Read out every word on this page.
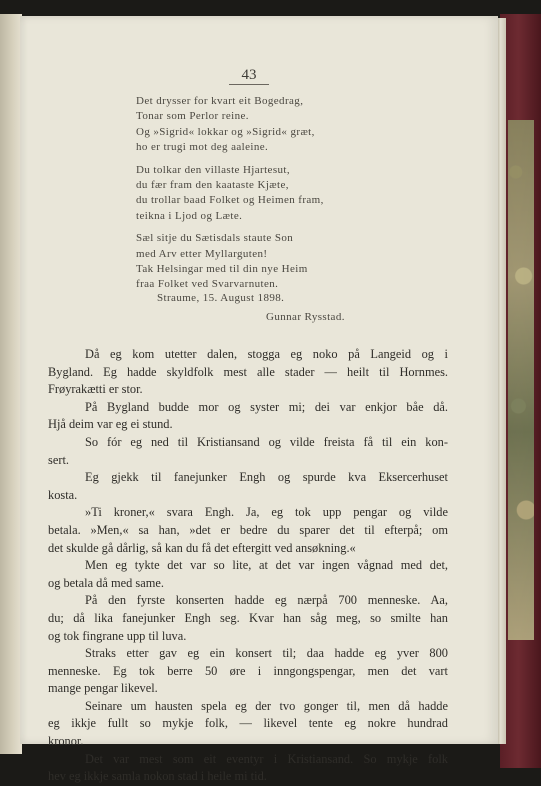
43
Det drysser for kvart eit Bogedrag,
Tonar som Perlor reine.
Og »Sigrid« lokkar og »Sigrid« græt,
ho er trugi mot deg aaleine.
Du tolkar den villaste Hjartesut,
du fær fram den kaataste Kjæte,
du trollar baad Folket og Heimen fram,
teikna i Ljod og Læte.
Sæl sitje du Sætisdals staute Son
med Arv etter Myllarguten!
Tak Helsingar med til din nye Heim
fraa Folket ved Svarvarnuten.
Straume, 15. August 1898.
Gunnar Rysstad.

Då eg kom utetter dalen, stogga eg noko på Langeid og i
Bygland. Eg hadde skyldfolk mest alle stader — heilt til Hornmes.
Frøyrakætti er stor.

På Bygland budde mor og syster mi; dei var enkjor båe då.
Hjå deim var eg ei stund.

So fór eg ned til Kristiansand og vilde freista få til ein kon-
sert.

Eg gjekk til fanejunker Engh og spurde kva Eksercerhuset
kosta.

»Ti kroner,« svara Engh. Ja, eg tok upp pengar og vilde
betala. »Men,« sa han, »det er bedre du sparer det til efterpå; om
det skulde gå dårlig, så kan du få det eftergitt ved ansøkning.«

Men eg tykte det var so lite, at det var ingen vågnad med det,
og betala då med same.

På den fyrste konserten hadde eg nærpå 700 menneske. Aa,
du; då lika fanejunker Engh seg. Kvar han såg meg, so smilte han
og tok fingrane upp til luva.

Straks etter gav eg ein konsert til; daa hadde eg yver 800
menneske. Eg tok berre 50 øre i inngongspengar, men det vart
mange pengar likevel.

Seinare um hausten spela eg der tvo gonger til, men då hadde
eg ikkje fullt so mykje folk, — likevel tente eg nokre hundrad
kronor.

Det var mest som eit eventyr i Kristiansand. So mykje folk
hev eg ikkje samla nokon stad i heile mi tid.
